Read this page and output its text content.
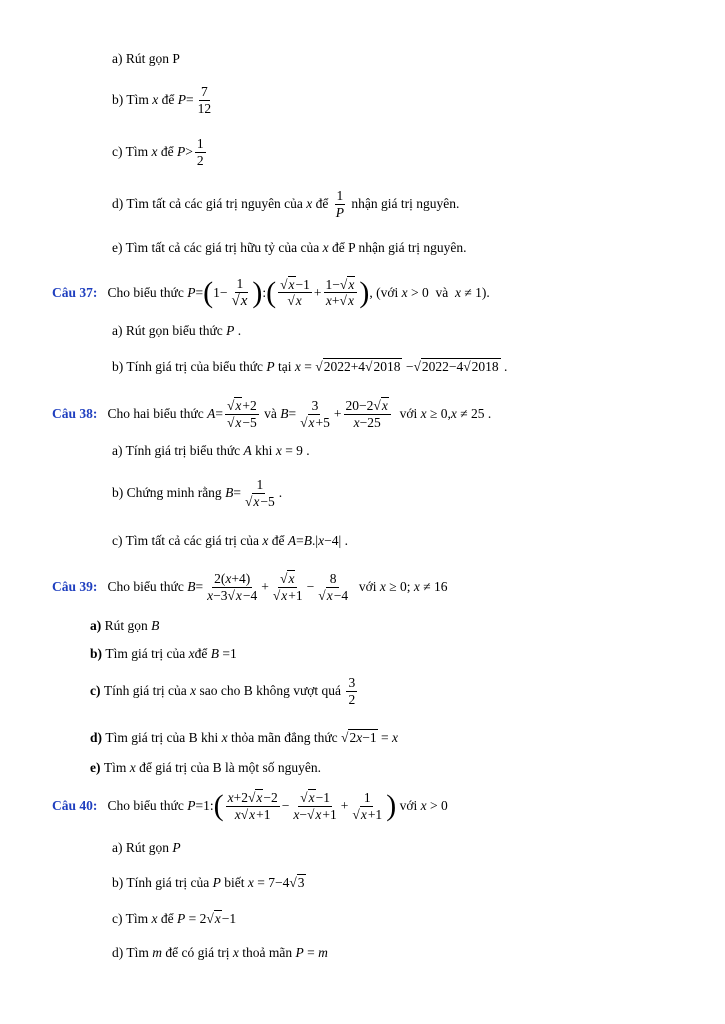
a) Rút gọn P
b) Tìm
x
để
$P = \frac{7}{12}$
c) Tìm
x
để
$P > \frac{1}{2}$
d) Tìm tất cả các giá trị nguyên của
x
để
$\frac{1}{P}$
nhận giá trị nguyên.
e) Tìm tất cả các giá trị hữu tỷ của của
x
để P nhận giá trị nguyên.
Câu 37:
Cho biểu thức
P = ( $1- \frac{1}{√x}$ ) : ( $\frac{√x-1}{√x} + \frac{1-√x}{x+√x}$ ) , (với
x > 0 và
x ≠ 1).
a) Rút gọn biểu thức
P .
b) Tính giá trị của biểu thức
P
tại
x = √ 2022+4√2018 −√ 2022−4√2018 .
Câu 38:
Cho hai biểu thức
$A = \frac{√x+2}{√x-5}$
và
$B = \frac{3}{√x+5} + \frac{20-2√x}{x-25}$
với
x ≥ 0, x ≠ 25 .
a) Tính giá trị biểu thức
A
khi
x = 9 .
b) Chứng minh rằng
$B = \frac{1}{√x-5}$ .
c) Tìm tất cả các giá trị của
x
để
A = B .| x −4| .
Câu 39:
Cho biểu thức
$B = \frac{2(x+4)}{x-3√x-4} + \frac{√x}{√x+1} - \frac{8}{√x-4}$
với
x ≥ 0; x ≠ 16
a)
Rút gọn
B
b)
Tìm giá trị của
x để
B =1
c)
Tính giá trị của
x
sao cho B không vượt quá
$\frac{3}{2}$
d)
Tìm giá trị của B khi
x
thỏa mãn đẳng thức √ 2x−1 = x
e)
Tìm
x
để giá trị của B là một số nguyên.
Câu 40:
Cho biểu thức
P =1: ( $\frac{x+2√x-2}{x√x+1} - \frac{√x-1}{x-√x+1} + \frac{1}{√x+1}$ )
với
x > 0
a) Rút gọn
P
b) Tính giá trị của
P
biết
x = 7−4√ 3
c) Tìm
x
để
P = 2√ x −1
d) Tìm
m
để có giá trị
x
thoả mãn
P = m
